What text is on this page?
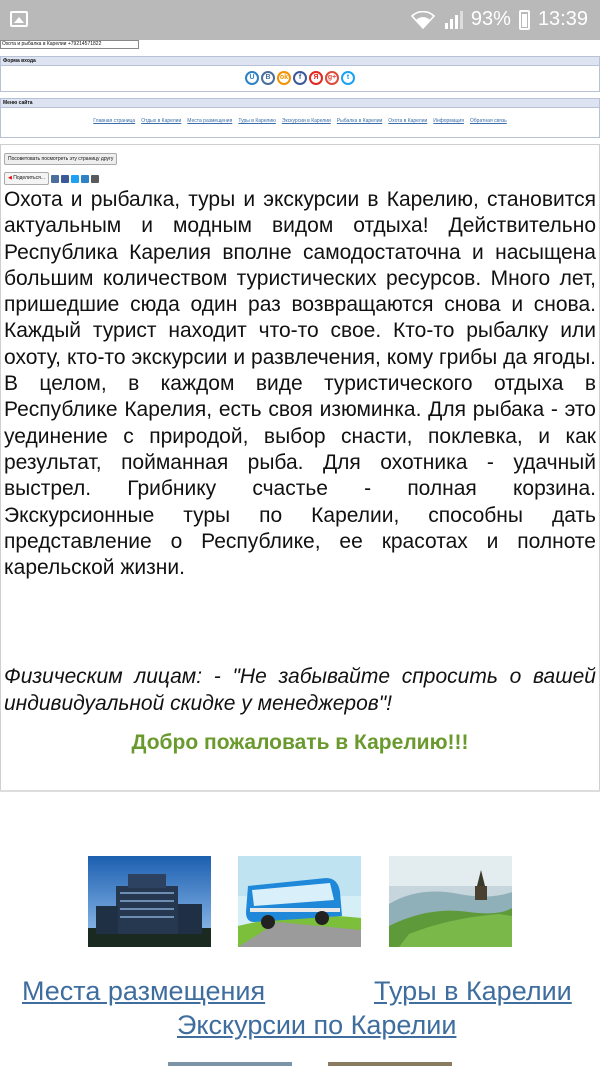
93% 13:39
Охота и рыбалка в Карелии +79214571822
Форма входа
U	B	ok	f	Я	g+	t
Меню сайта
Главная страница Отдых в Карелии Места размещения Туры в Карелию Экскурсии в Карелии Рыбалка в Карелии Охота в Карелии Информация Обратная связь
Посоветовать посмотреть эту страницу другу
◀ Поделиться...

Охота и рыбалка, туры и экскурсии в Карелию, становится актуальным и модным видом отдыха! Действительно Республика Карелия вполне самодостаточна и насыщена большим количеством туристических ресурсов. Много лет, пришедшие сюда один раз возвращаются снова и снова. Каждый турист находит что-то свое. Кто-то рыбалку или охоту, кто-то экскурсии и развлечения, кому грибы да ягоды. В целом, в каждом виде туристического отдыха в Республике Карелия, есть своя изюминка. Для рыбака - это уединение с природой, выбор снасти, поклевка, и как результат, пойманная рыба. Для охотника - удачный выстрел. Грибнику счастье - полная корзина. Экскурсионные туры по Карелии, способны дать представление о Республике, ее красотах и полноте карельской жизни.

Физическим лицам: - "Не забывайте спросить о вашей индивидуальной скидке у менеджеров"!

Добро пожаловать в Карелию!!!

Места размещения	Туры в Карелии
Экскурсии по Карелии
